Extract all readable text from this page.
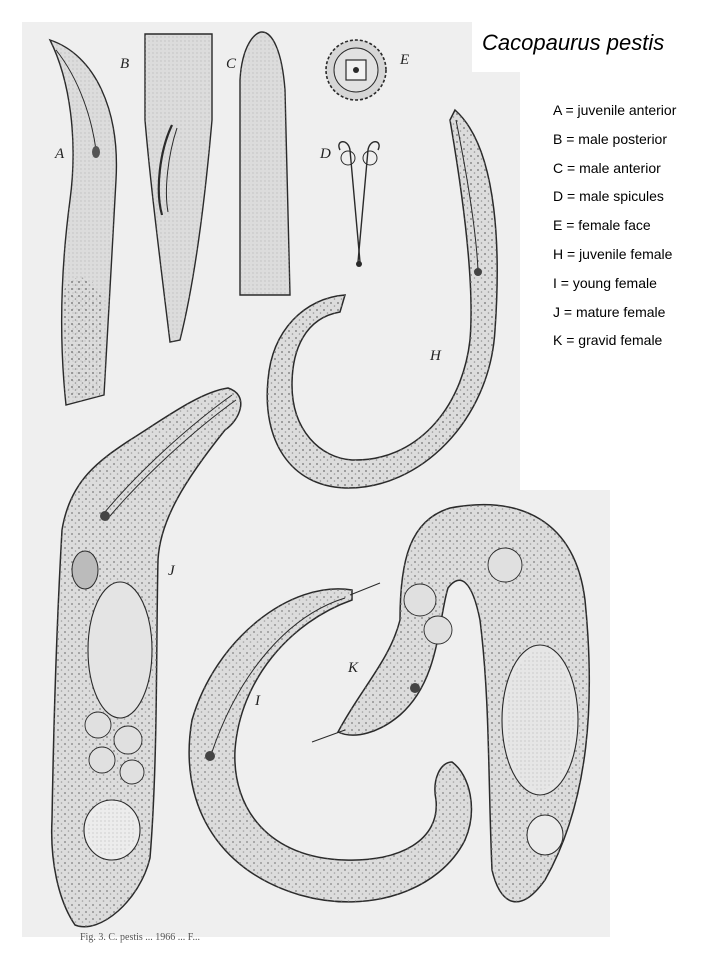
A
B	C
D
E
H
I
J
K
Fig. 3. C. pestis ... 1966 ... F...
Cacopaurus pestis
A = juvenile anterior
B = male posterior
C = male anterior
D = male spicules
E = female face
H = juvenile female
I = young female
J = mature female
K = gravid female
